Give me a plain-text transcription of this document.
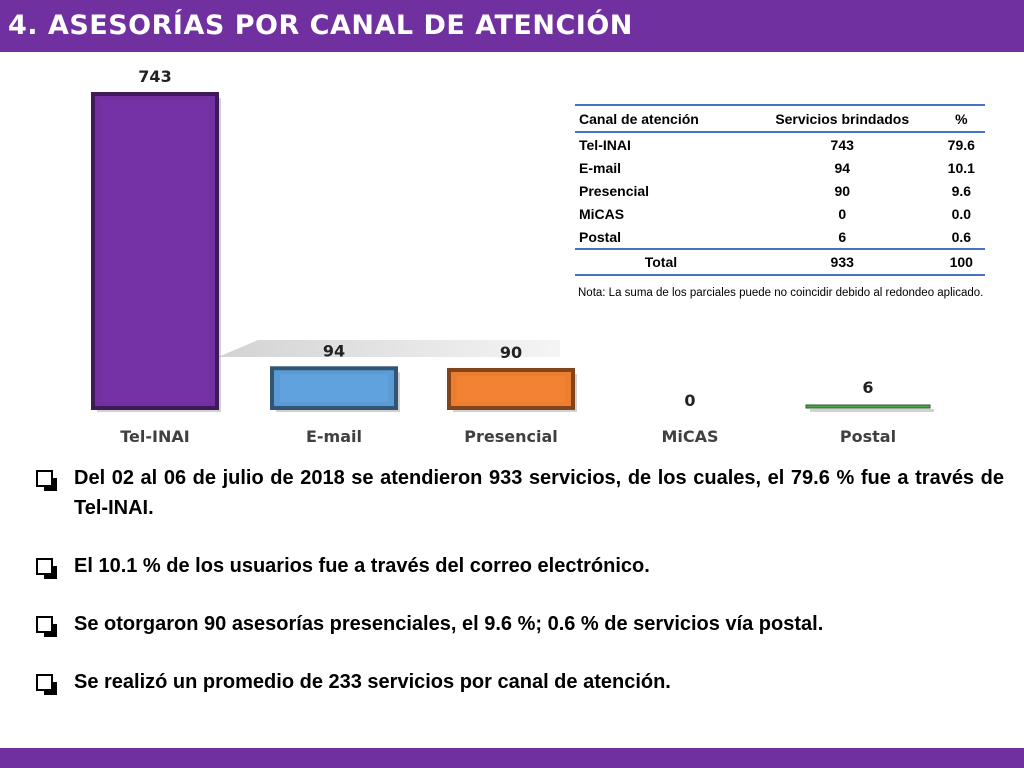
4. ASESORÍAS POR CANAL DE ATENCIÓN
743
Tel-INAI
94
E-mail
90
Presencial
0
MiCAS
6
Postal
Canal de atención	Servicios brindados	%
Tel-INAI	743	79.6
E-mail	94	10.1
Presencial	90	9.6
MiCAS	0	0.0
Postal	6	0.6
Total	933	100
Nota: La suma de los parciales puede no coincidir debido al redondeo aplicado.
Del 02 al 06 de julio de 2018 se atendieron 933 servicios, de los cuales, el 79.6 % fue a través de Tel-INAI.
El 10.1 % de los usuarios fue a través del correo electrónico.
Se otorgaron 90 asesorías presenciales, el 9.6 %; 0.6 % de servicios vía postal.
Se realizó un promedio de 233 servicios por canal de atención.
